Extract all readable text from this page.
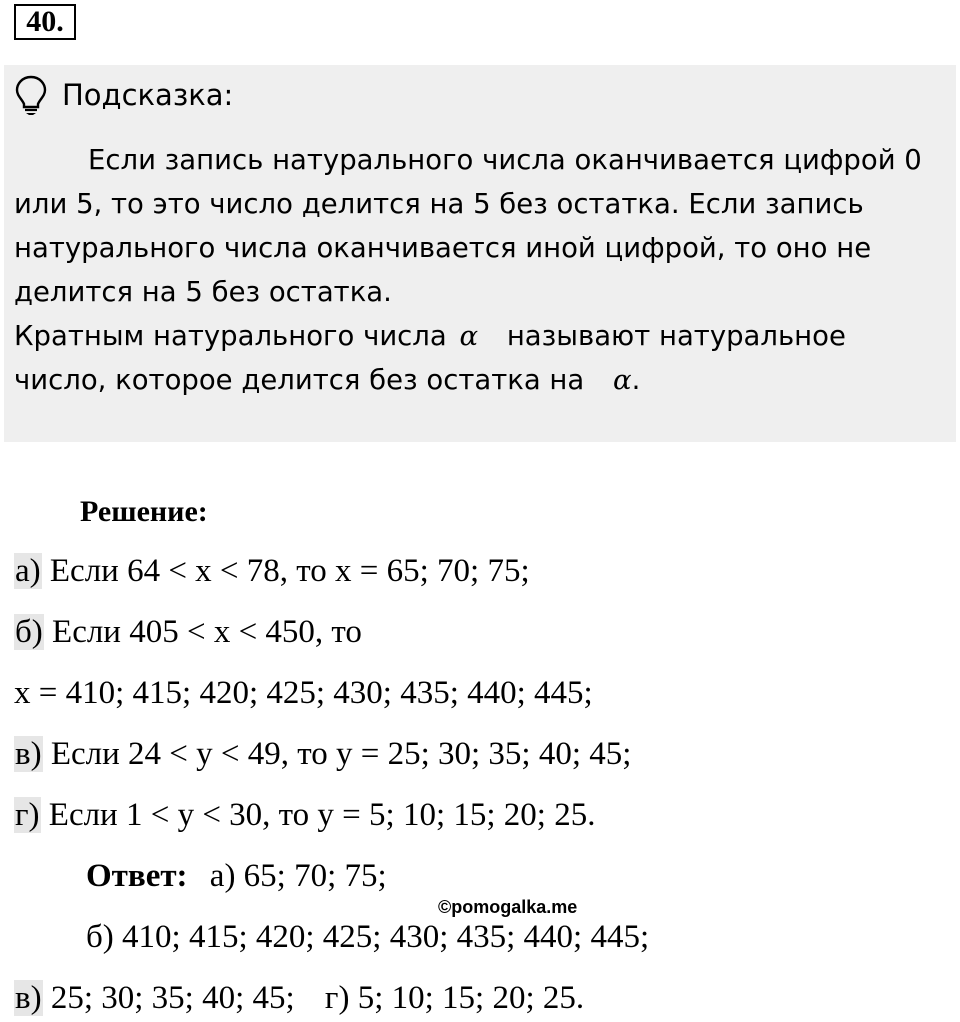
40.
Подсказка:
Если запись натурального числа оканчивается цифрой 0
или 5, то это число делится на 5 без остатка. Если запись
натурального числа оканчивается иной цифрой, то оно не
делится на 5 без остатка.
Кратным натурального числа α называют натуральное
число, которое делится без остатка на α.
Решение:
а) Если 64 < x < 78, то x = 65; 70; 75;
б) Если 405 < x < 450, то
x = 410; 415; 420; 425; 430; 435; 440; 445;
в) Если 24 < y < 49, то y = 25; 30; 35; 40; 45;
г) Если 1 < y < 30, то y = 5; 10; 15; 20; 25.
Ответ: а) 65; 70; 75;
©pomogalka.me
б) 410; 415; 420; 425; 430; 435; 440; 445;
в) 25; 30; 35; 40; 45; г) 5; 10; 15; 20; 25.
